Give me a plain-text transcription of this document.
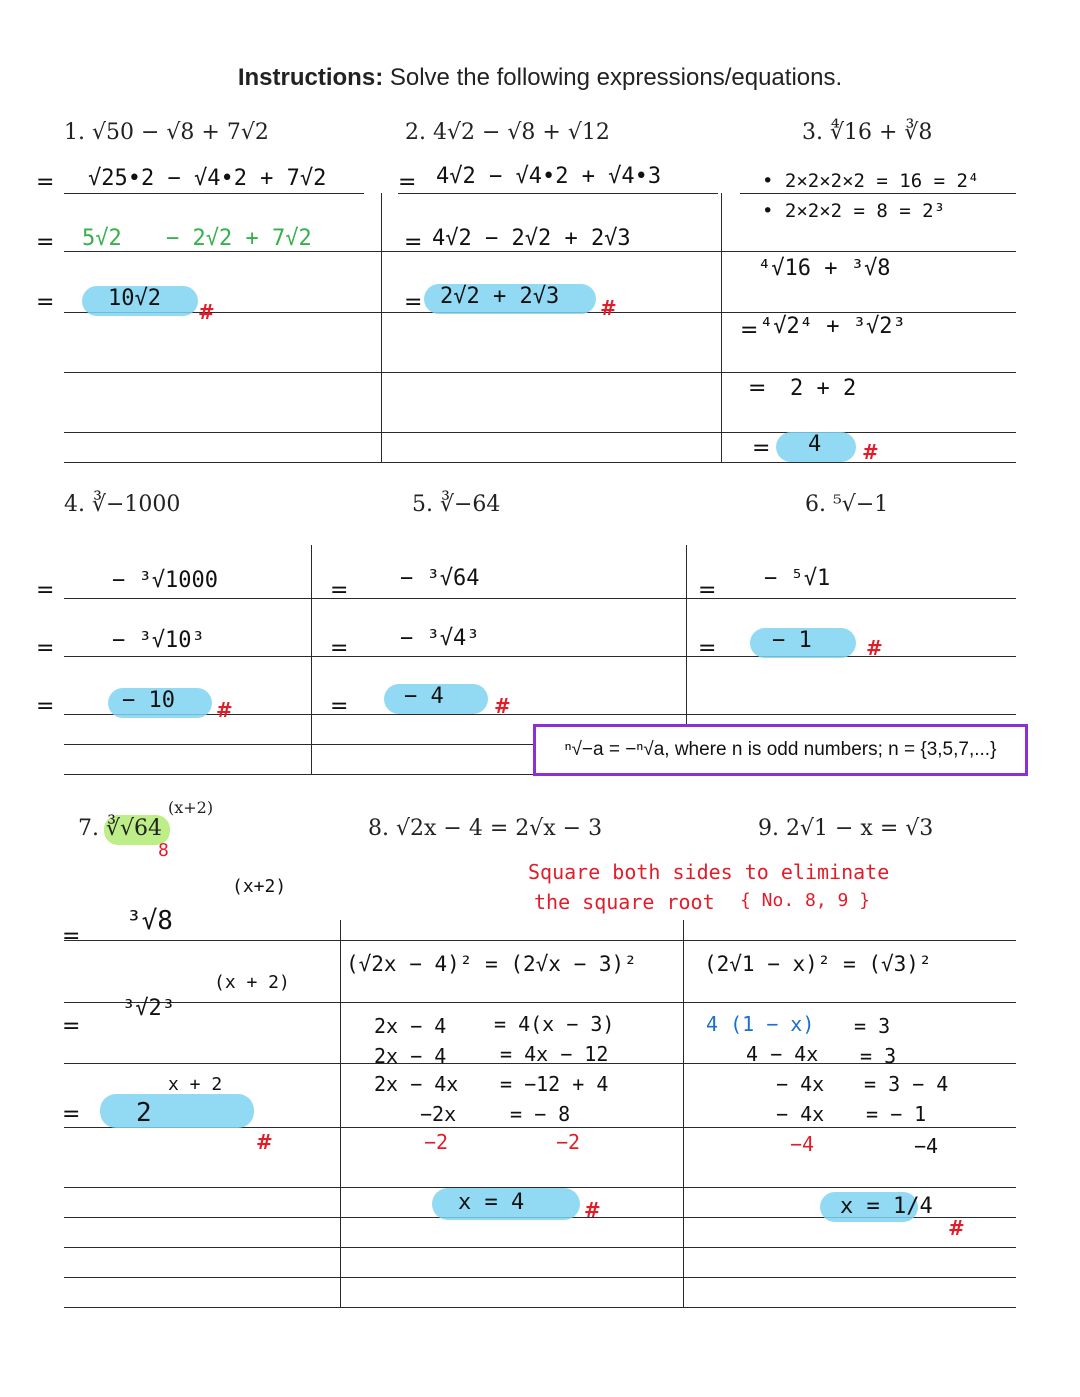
Instructions: Solve the following expressions/equations.
1. √50 − √8 + 7√2	2. 4√2 − √8 + √12	3. ∜16 + ∛8
4. ∛−1000	5. ∛−64	6. ⁵√−1
7. ∛√64
(x+2)
8. √2x − 4 = 2√x − 3	9. 2√1 − x = √3
= √25•2 − √4•2 + 7√2
= 5√2 − 2√2 + 7√2
= 10√2
#
= 4√2 − √4•2 + √4•3
= 4√2 − 2√2 + 2√3
= 2√2 + 2√3 #
• 2×2×2×2 = 16 = 2⁴
• 2×2×2 = 8 = 2³
⁴√16 + ³√8
= ⁴√2⁴ + ³√2³
= 2 + 2
= 4 #
=	− ³√1000
=	− ³√10³
=	− 10 #
= − ³√64
= − ³√4³
=	− 4	#
= − ⁵√1
=	− 1	#
ⁿ√−a = −ⁿ√a, where n is odd numbers; n = {3,5,7,...}
8
³√8
(x+2)
=
³√2³
(x + 2)
=
= 2
x + 2
#
Square both sides to eliminate
the square root { No. 8, 9 }
(√2x − 4)² = (2√x − 3)²
2x − 4 = 4(x − 3)
2x − 4	= 4x − 12
2x − 4x = −12 + 4
−2x	= − 8
−2	−2
x = 4	#
(2√1 − x)² = (√3)²
4 (1 − x) = 3
4 − 4x = 3
− 4x = 3 − 4
− 4x = − 1
−4	−4
x = 1/4
#
